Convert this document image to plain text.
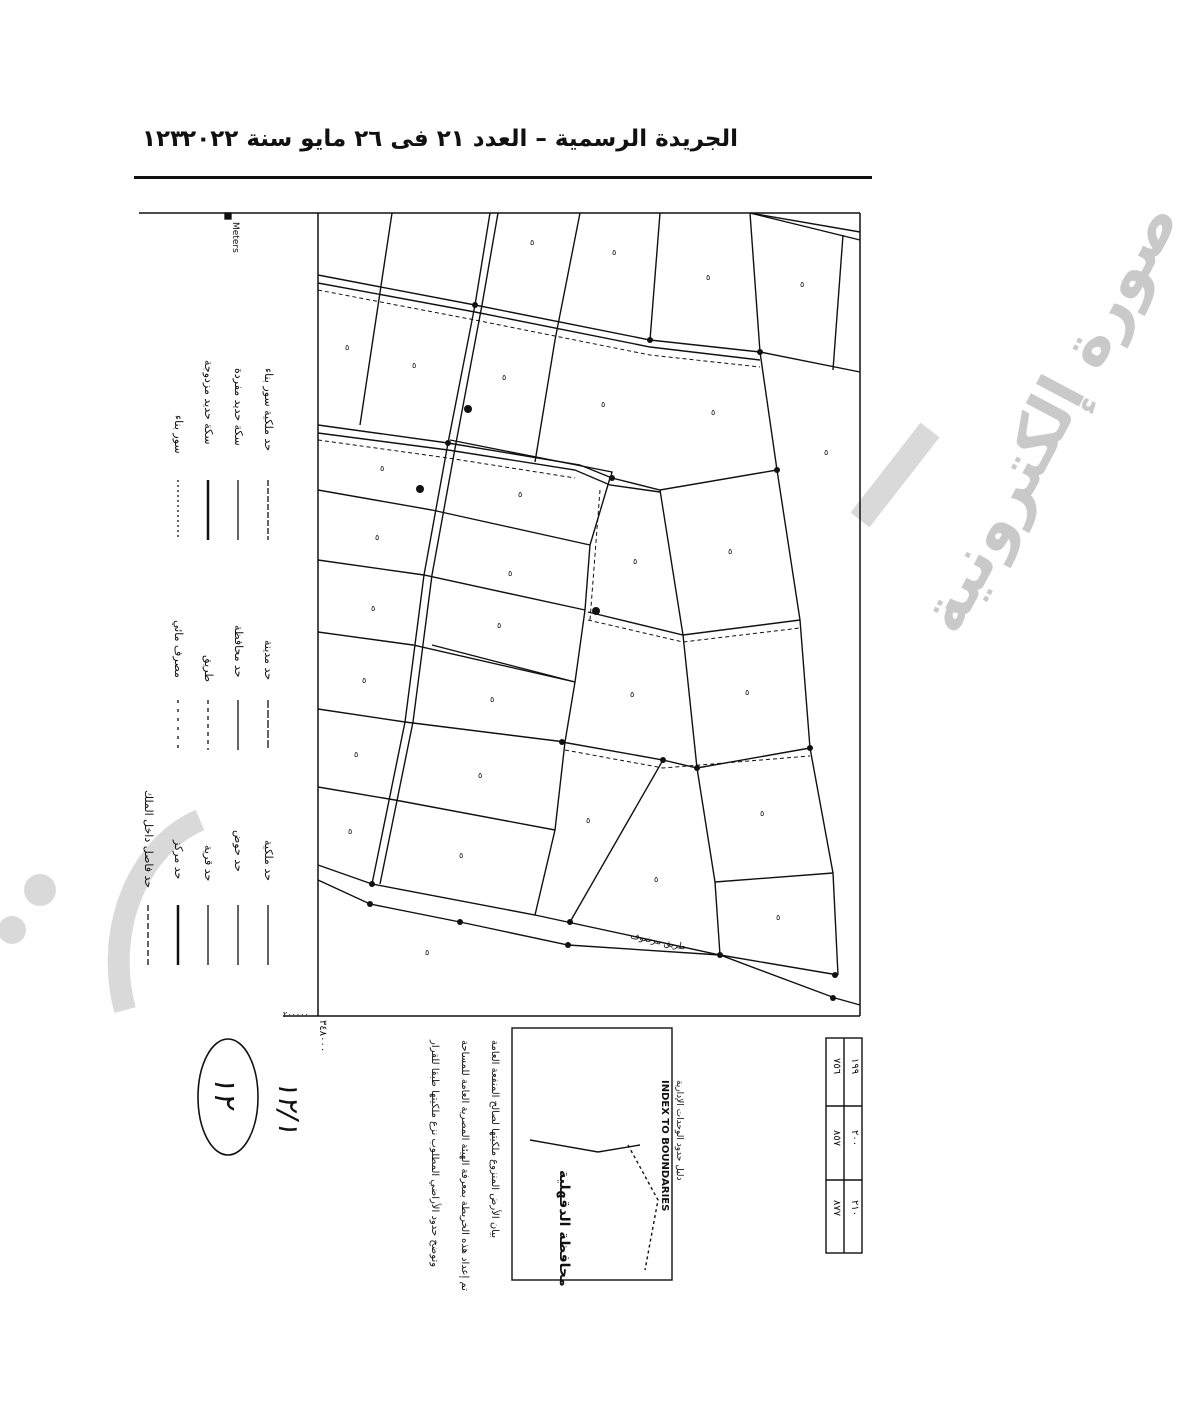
الجريدة الرسمية – العدد ٢١ فى ٢٦ مايو سنة ٢٠٢٢
١٢٣
صورة إلكترونية
٥
٥
٥
٥
٥
٥
٥
٥
٥
٥
٥
٥
٥
٥
٥
٥
٥
٥
٥
٥
٥	٥
٥
٥
٥
٥
٥
٥
٥
٥
٥	طريق مرصوف
Meters
٣٤٨٠٠٠
٢٠٠٠٠٠
حد ملكية سور بناء
سكة حديد مفردة
سكة حديد مزدوجة
سور بناء
حد مدينة
حد محافظة
طريق
مصرف مائي
حد ملكية
حد حوض
حد قرية
حد مركز
حد فاصل داخل الملك
INDEX TO BOUNDARIES دليل حدود الوحدات الإدارية
محافظة الدقهلية
بيان الأرض المنزوع ملكيتها لصالح المنفعة العامة
تم إعداد هذه الخريطة بمعرفة الهيئة المصرية العامة للمساحة
وتوضح حدود الأراضي المطلوب نزع ملكيتها طبقا للقرار	٧٥٦ ١٩٩
٨٥٧ ٢٠٠
٨٧٧ ٢١٠
١٢ ١٢/١
